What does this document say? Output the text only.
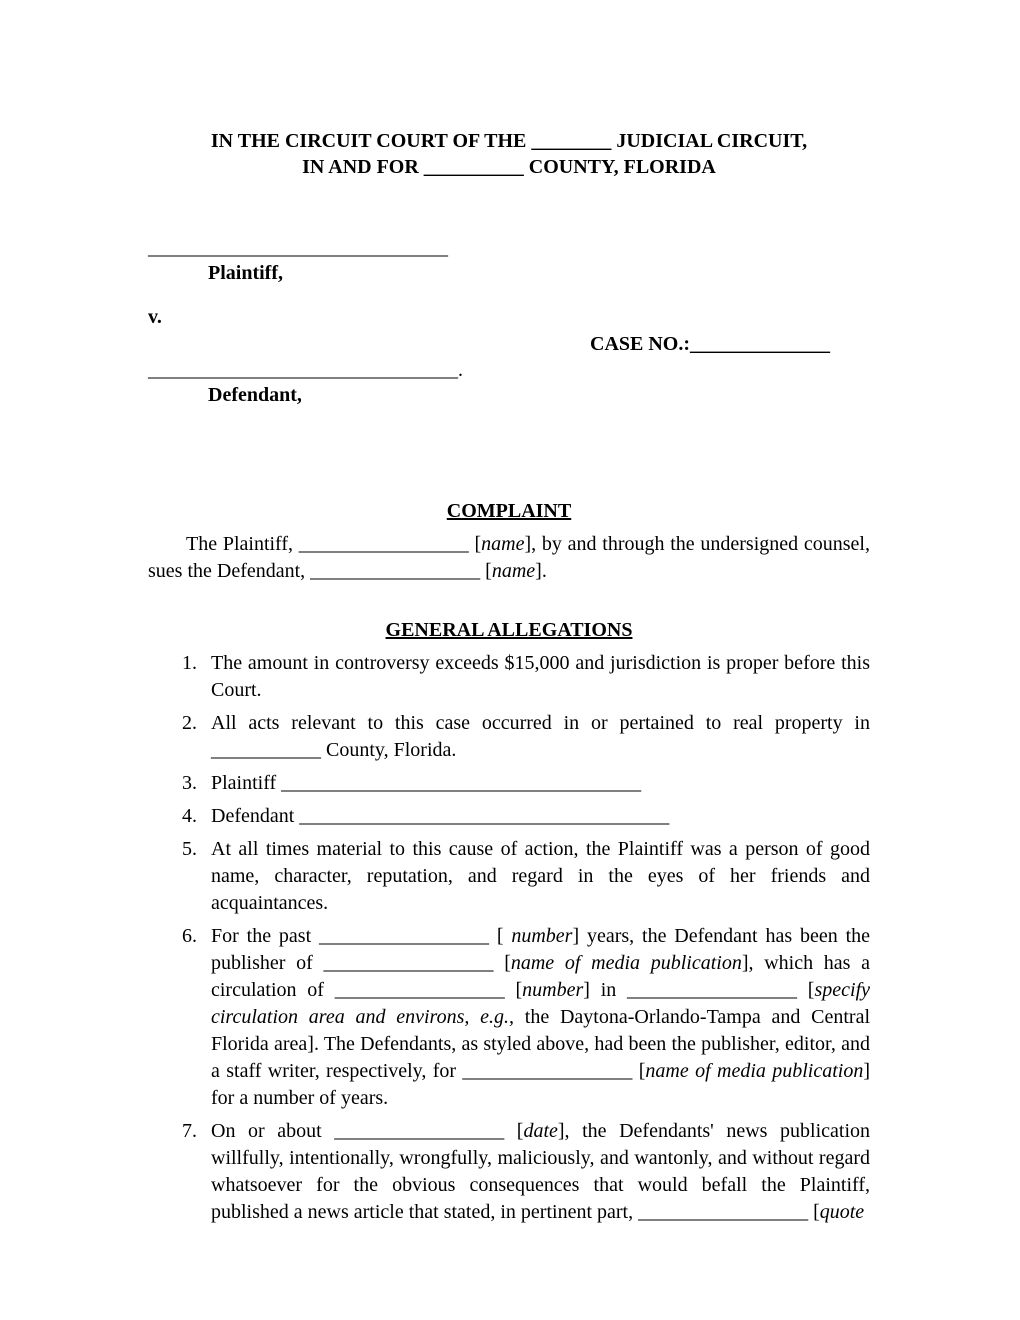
IN THE CIRCUIT COURT OF THE ________ JUDICIAL CIRCUIT,
IN AND FOR __________ COUNTY, FLORIDA
______________________________
Plaintiff,
v.
CASE NO.:______________
_______________________________.
Defendant,
COMPLAINT

The Plaintiff, _________________ [name], by and through the undersigned counsel, sues the Defendant, _________________ [name].

GENERAL ALLEGATIONS
1. The amount in controversy exceeds $15,000 and jurisdiction is proper before this Court.
2. All acts relevant to this case occurred in or pertained to real property in ___________ County, Florida.
3. Plaintiff ____________________________________
4. Defendant _____________________________________
5. At all times material to this cause of action, the Plaintiff was a person of good name, character, reputation, and regard in the eyes of her friends and acquaintances.
6. For the past _________________ [ number] years, the Defendant has been the publisher of _________________ [name of media publication], which has a circulation of _________________ [number] in _________________ [specify circulation area and environs, e.g., the Daytona-Orlando-Tampa and Central Florida area]. The Defendants, as styled above, had been the publisher, editor, and a staff writer, respectively, for _________________ [name of media publication] for a number of years.
7. On or about _________________ [date], the Defendants' news publication willfully, intentionally, wrongfully, maliciously, and wantonly, and without regard whatsoever for the obvious consequences that would befall the Plaintiff, published a news article that stated, in pertinent part, _________________ [quote
